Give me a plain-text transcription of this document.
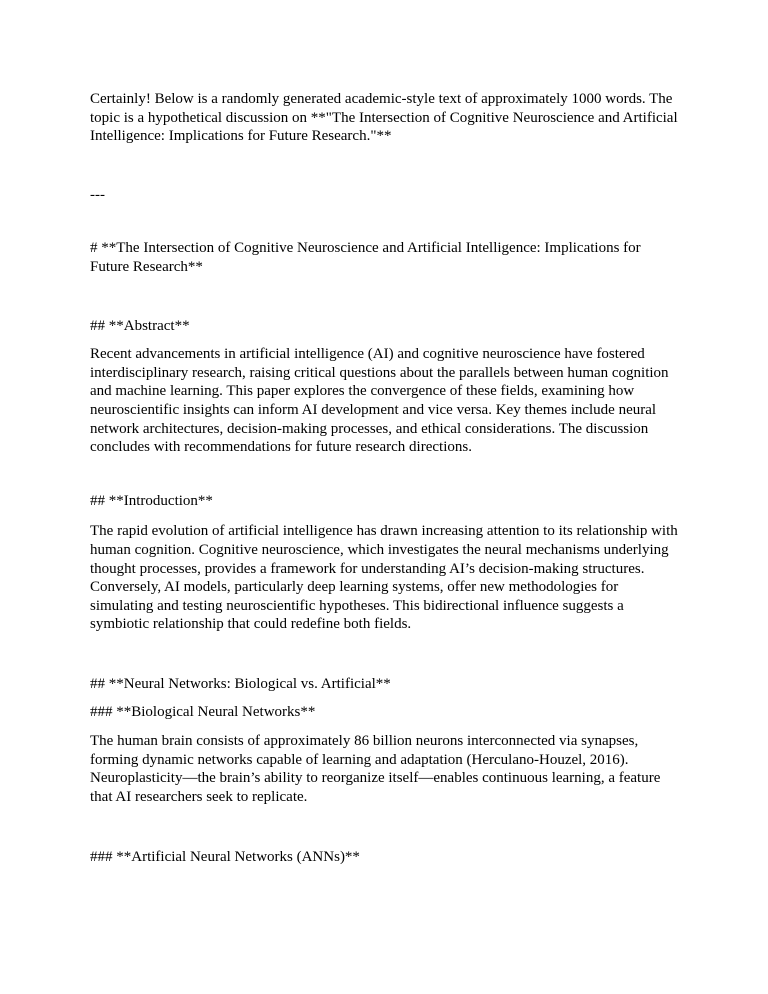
Certainly! Below is a randomly generated academic-style text of approximately 1000 words. The topic is a hypothetical discussion on **"The Intersection of Cognitive Neuroscience and Artificial Intelligence: Implications for Future Research."**

---

# **The Intersection of Cognitive Neuroscience and Artificial Intelligence: Implications for Future Research**

## **Abstract**

Recent advancements in artificial intelligence (AI) and cognitive neuroscience have fostered interdisciplinary research, raising critical questions about the parallels between human cognition and machine learning. This paper explores the convergence of these fields, examining how neuroscientific insights can inform AI development and vice versa. Key themes include neural network architectures, decision-making processes, and ethical considerations. The discussion concludes with recommendations for future research directions.

## **Introduction**

The rapid evolution of artificial intelligence has drawn increasing attention to its relationship with human cognition. Cognitive neuroscience, which investigates the neural mechanisms underlying thought processes, provides a framework for understanding AI’s decision-making structures. Conversely, AI models, particularly deep learning systems, offer new methodologies for simulating and testing neuroscientific hypotheses. This bidirectional influence suggests a symbiotic relationship that could redefine both fields.

## **Neural Networks: Biological vs. Artificial**

### **Biological Neural Networks**

The human brain consists of approximately 86 billion neurons interconnected via synapses, forming dynamic networks capable of learning and adaptation (Herculano-Houzel, 2016). Neuroplasticity—the brain’s ability to reorganize itself—enables continuous learning, a feature that AI researchers seek to replicate.

### **Artificial Neural Networks (ANNs)**
